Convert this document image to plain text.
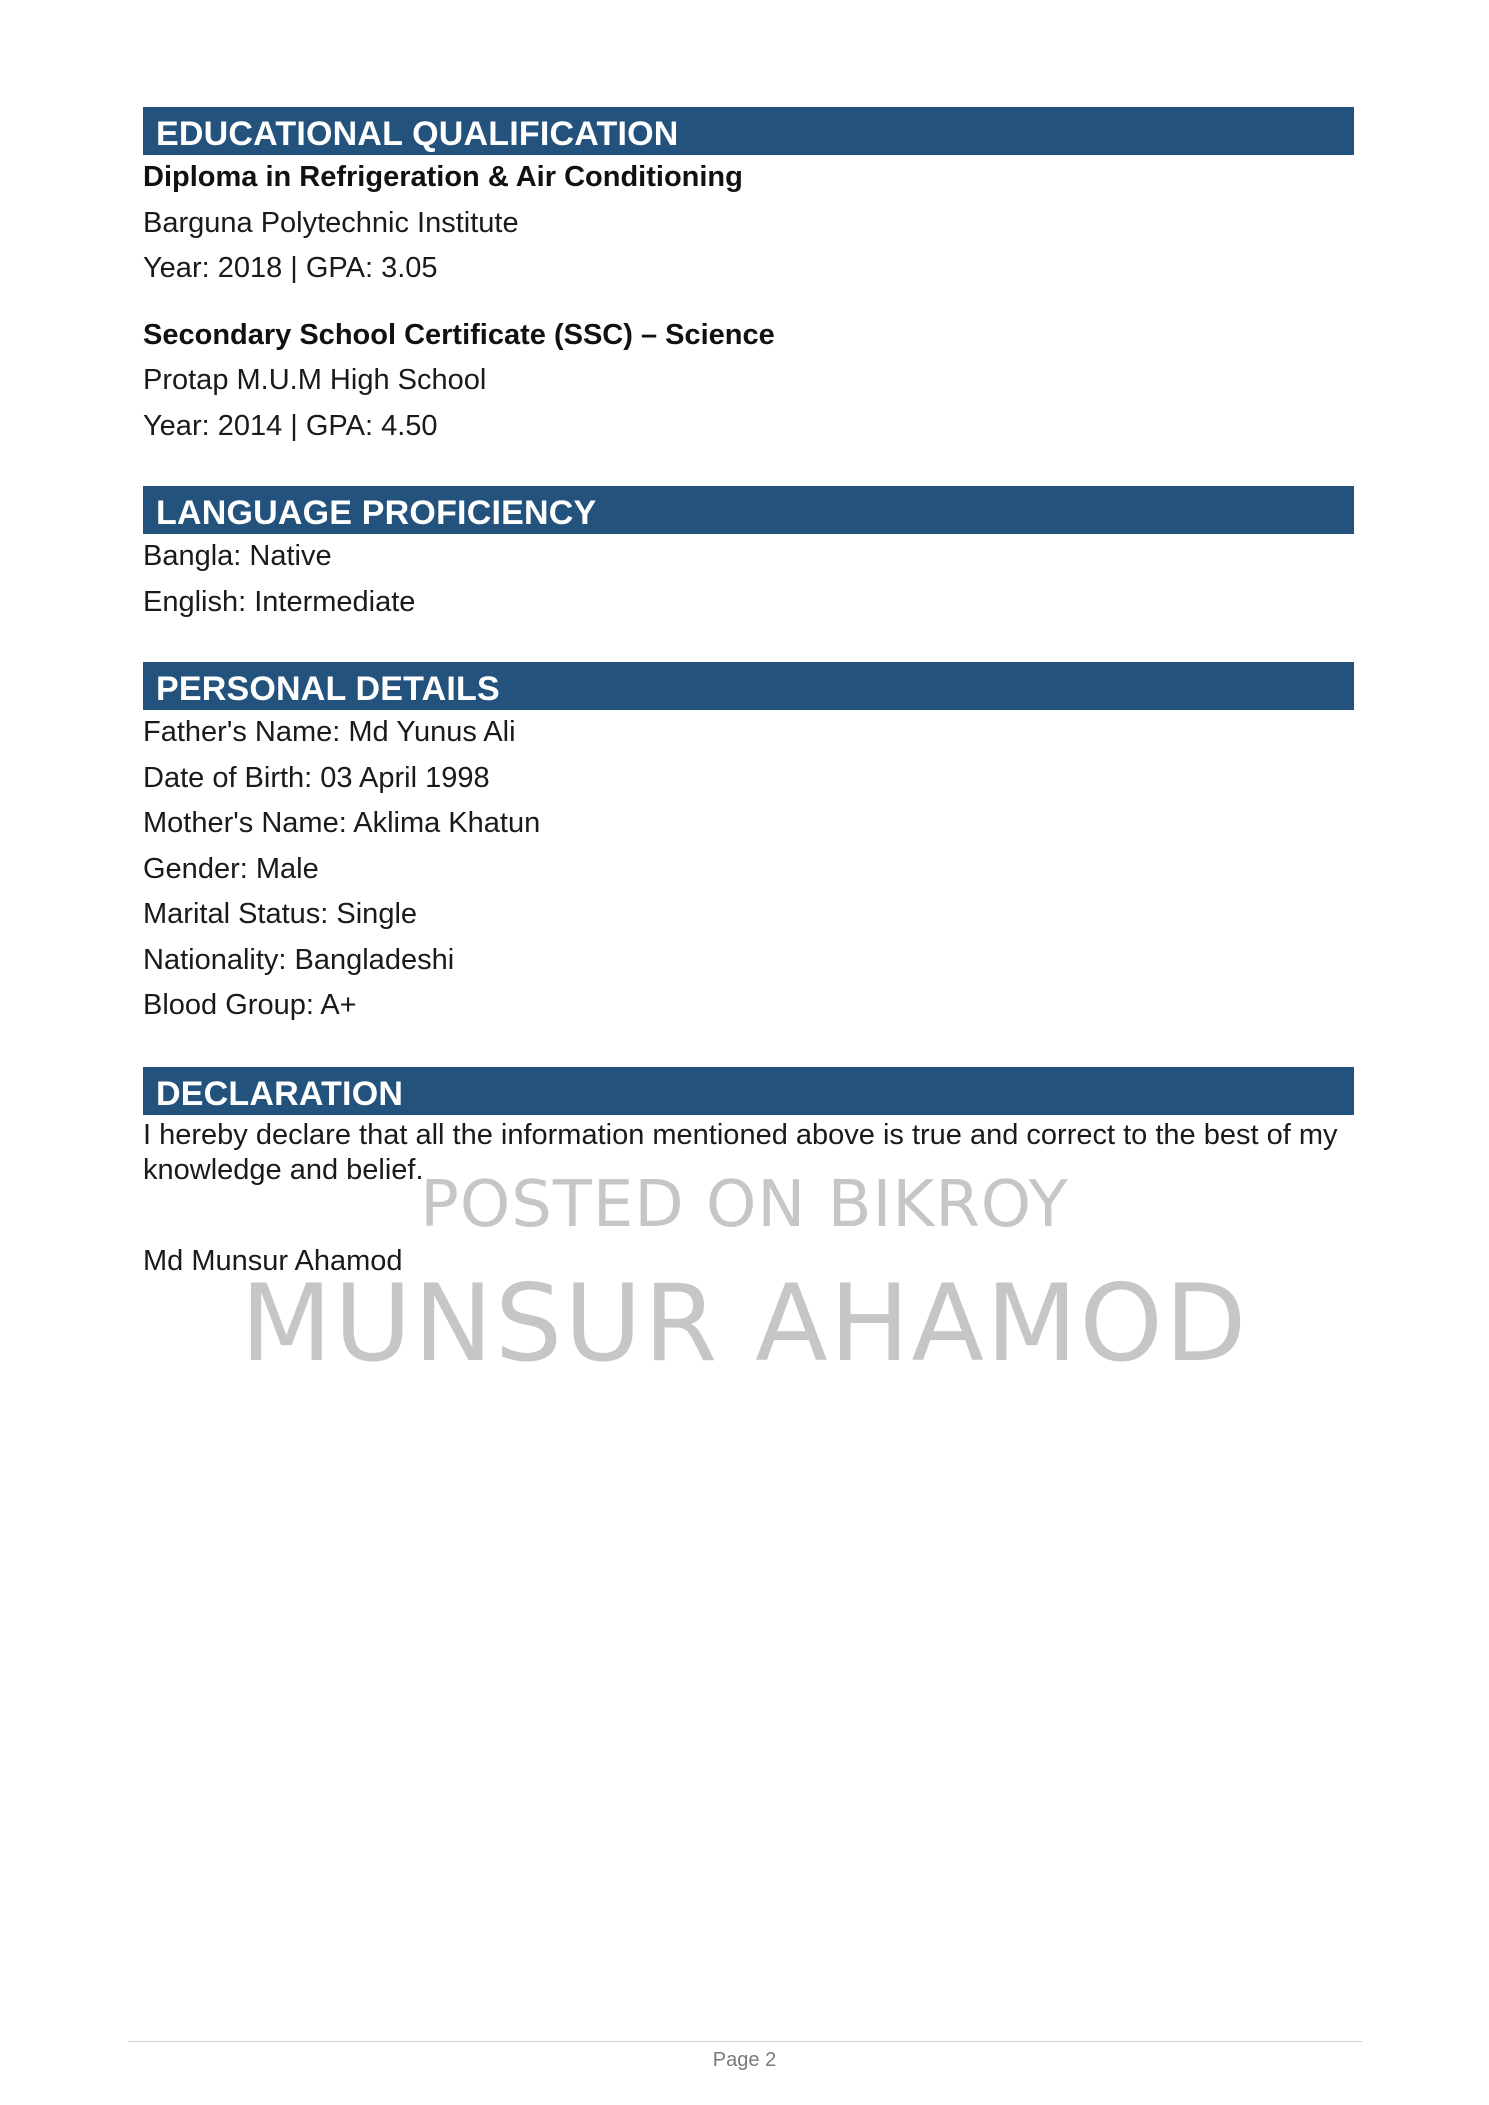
EDUCATIONAL QUALIFICATION
Diploma in Refrigeration & Air Conditioning
Barguna Polytechnic Institute
Year: 2018 | GPA: 3.05
Secondary School Certificate (SSC) – Science
Protap M.U.M High School
Year: 2014 | GPA: 4.50
LANGUAGE PROFICIENCY
Bangla: Native
English: Intermediate
PERSONAL DETAILS
Father's Name: Md Yunus Ali
Date of Birth: 03 April 1998
Mother's Name: Aklima Khatun
Gender: Male
Marital Status: Single
Nationality: Bangladeshi
Blood Group: A+
DECLARATION
I hereby declare that all the information mentioned above is true and correct to the best of my knowledge and belief.
POSTED ON BIKROY
Md Munsur Ahamod
MUNSUR AHAMOD
Page 2
